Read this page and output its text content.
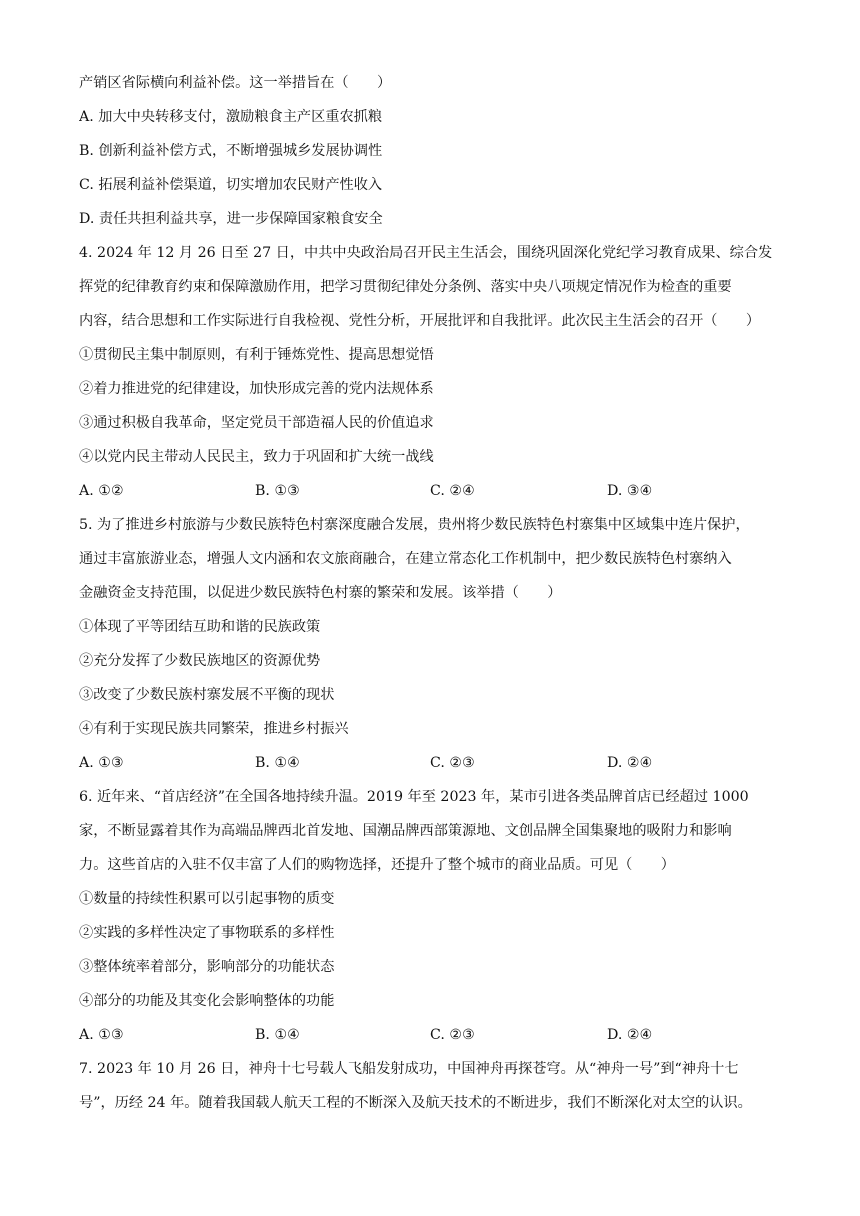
产销区省际横向利益补偿。这一举措旨在（　　）
A. 加大中央转移支付，激励粮食主产区重农抓粮
B. 创新利益补偿方式，不断增强城乡发展协调性
C. 拓展利益补偿渠道，切实增加农民财产性收入
D. 责任共担利益共享，进一步保障国家粮食安全
4. 2024 年 12 月 26 日至 27 日，中共中央政治局召开民主生活会，围绕巩固深化党纪学习教育成果、综合发
挥党的纪律教育约束和保障激励作用，把学习贯彻纪律处分条例、落实中央八项规定情况作为检查的重要
内容，结合思想和工作实际进行自我检视、党性分析，开展批评和自我批评。此次民主生活会的召开（　　）
①贯彻民主集中制原则，有利于锤炼党性、提高思想觉悟
②着力推进党的纪律建设，加快形成完善的党内法规体系
③通过积极自我革命，坚定党员干部造福人民的价值追求
④以党内民主带动人民民主，致力于巩固和扩大统一战线
A. ①②	B. ①③	C. ②④	D. ③④
5. 为了推进乡村旅游与少数民族特色村寨深度融合发展，贵州将少数民族特色村寨集中区域集中连片保护，
通过丰富旅游业态，增强人文内涵和农文旅商融合，在建立常态化工作机制中，把少数民族特色村寨纳入
金融资金支持范围，以促进少数民族特色村寨的繁荣和发展。该举措（　　）
①体现了平等团结互助和谐的民族政策
②充分发挥了少数民族地区的资源优势
③改变了少数民族村寨发展不平衡的现状
④有利于实现民族共同繁荣，推进乡村振兴
A. ①③	B. ①④	C. ②③	D. ②④
6. 近年来、“首店经济”在全国各地持续升温。2019 年至 2023 年，某市引进各类品牌首店已经超过 1000
家，不断显露着其作为高端品牌西北首发地、国潮品牌西部策源地、文创品牌全国集聚地的吸附力和影响
力。这些首店的入驻不仅丰富了人们的购物选择，还提升了整个城市的商业品质。可见（　　）
①数量的持续性积累可以引起事物的质变
②实践的多样性决定了事物联系的多样性
③整体统率着部分，影响部分的功能状态
④部分的功能及其变化会影响整体的功能
A. ①③	B. ①④	C. ②③	D. ②④
7. 2023 年 10 月 26 日，神舟十七号载人飞船发射成功，中国神舟再探苍穹。从“神舟一号”到“神舟十七
号”，历经 24 年。随着我国载人航天工程的不断深入及航天技术的不断进步，我们不断深化对太空的认识。
